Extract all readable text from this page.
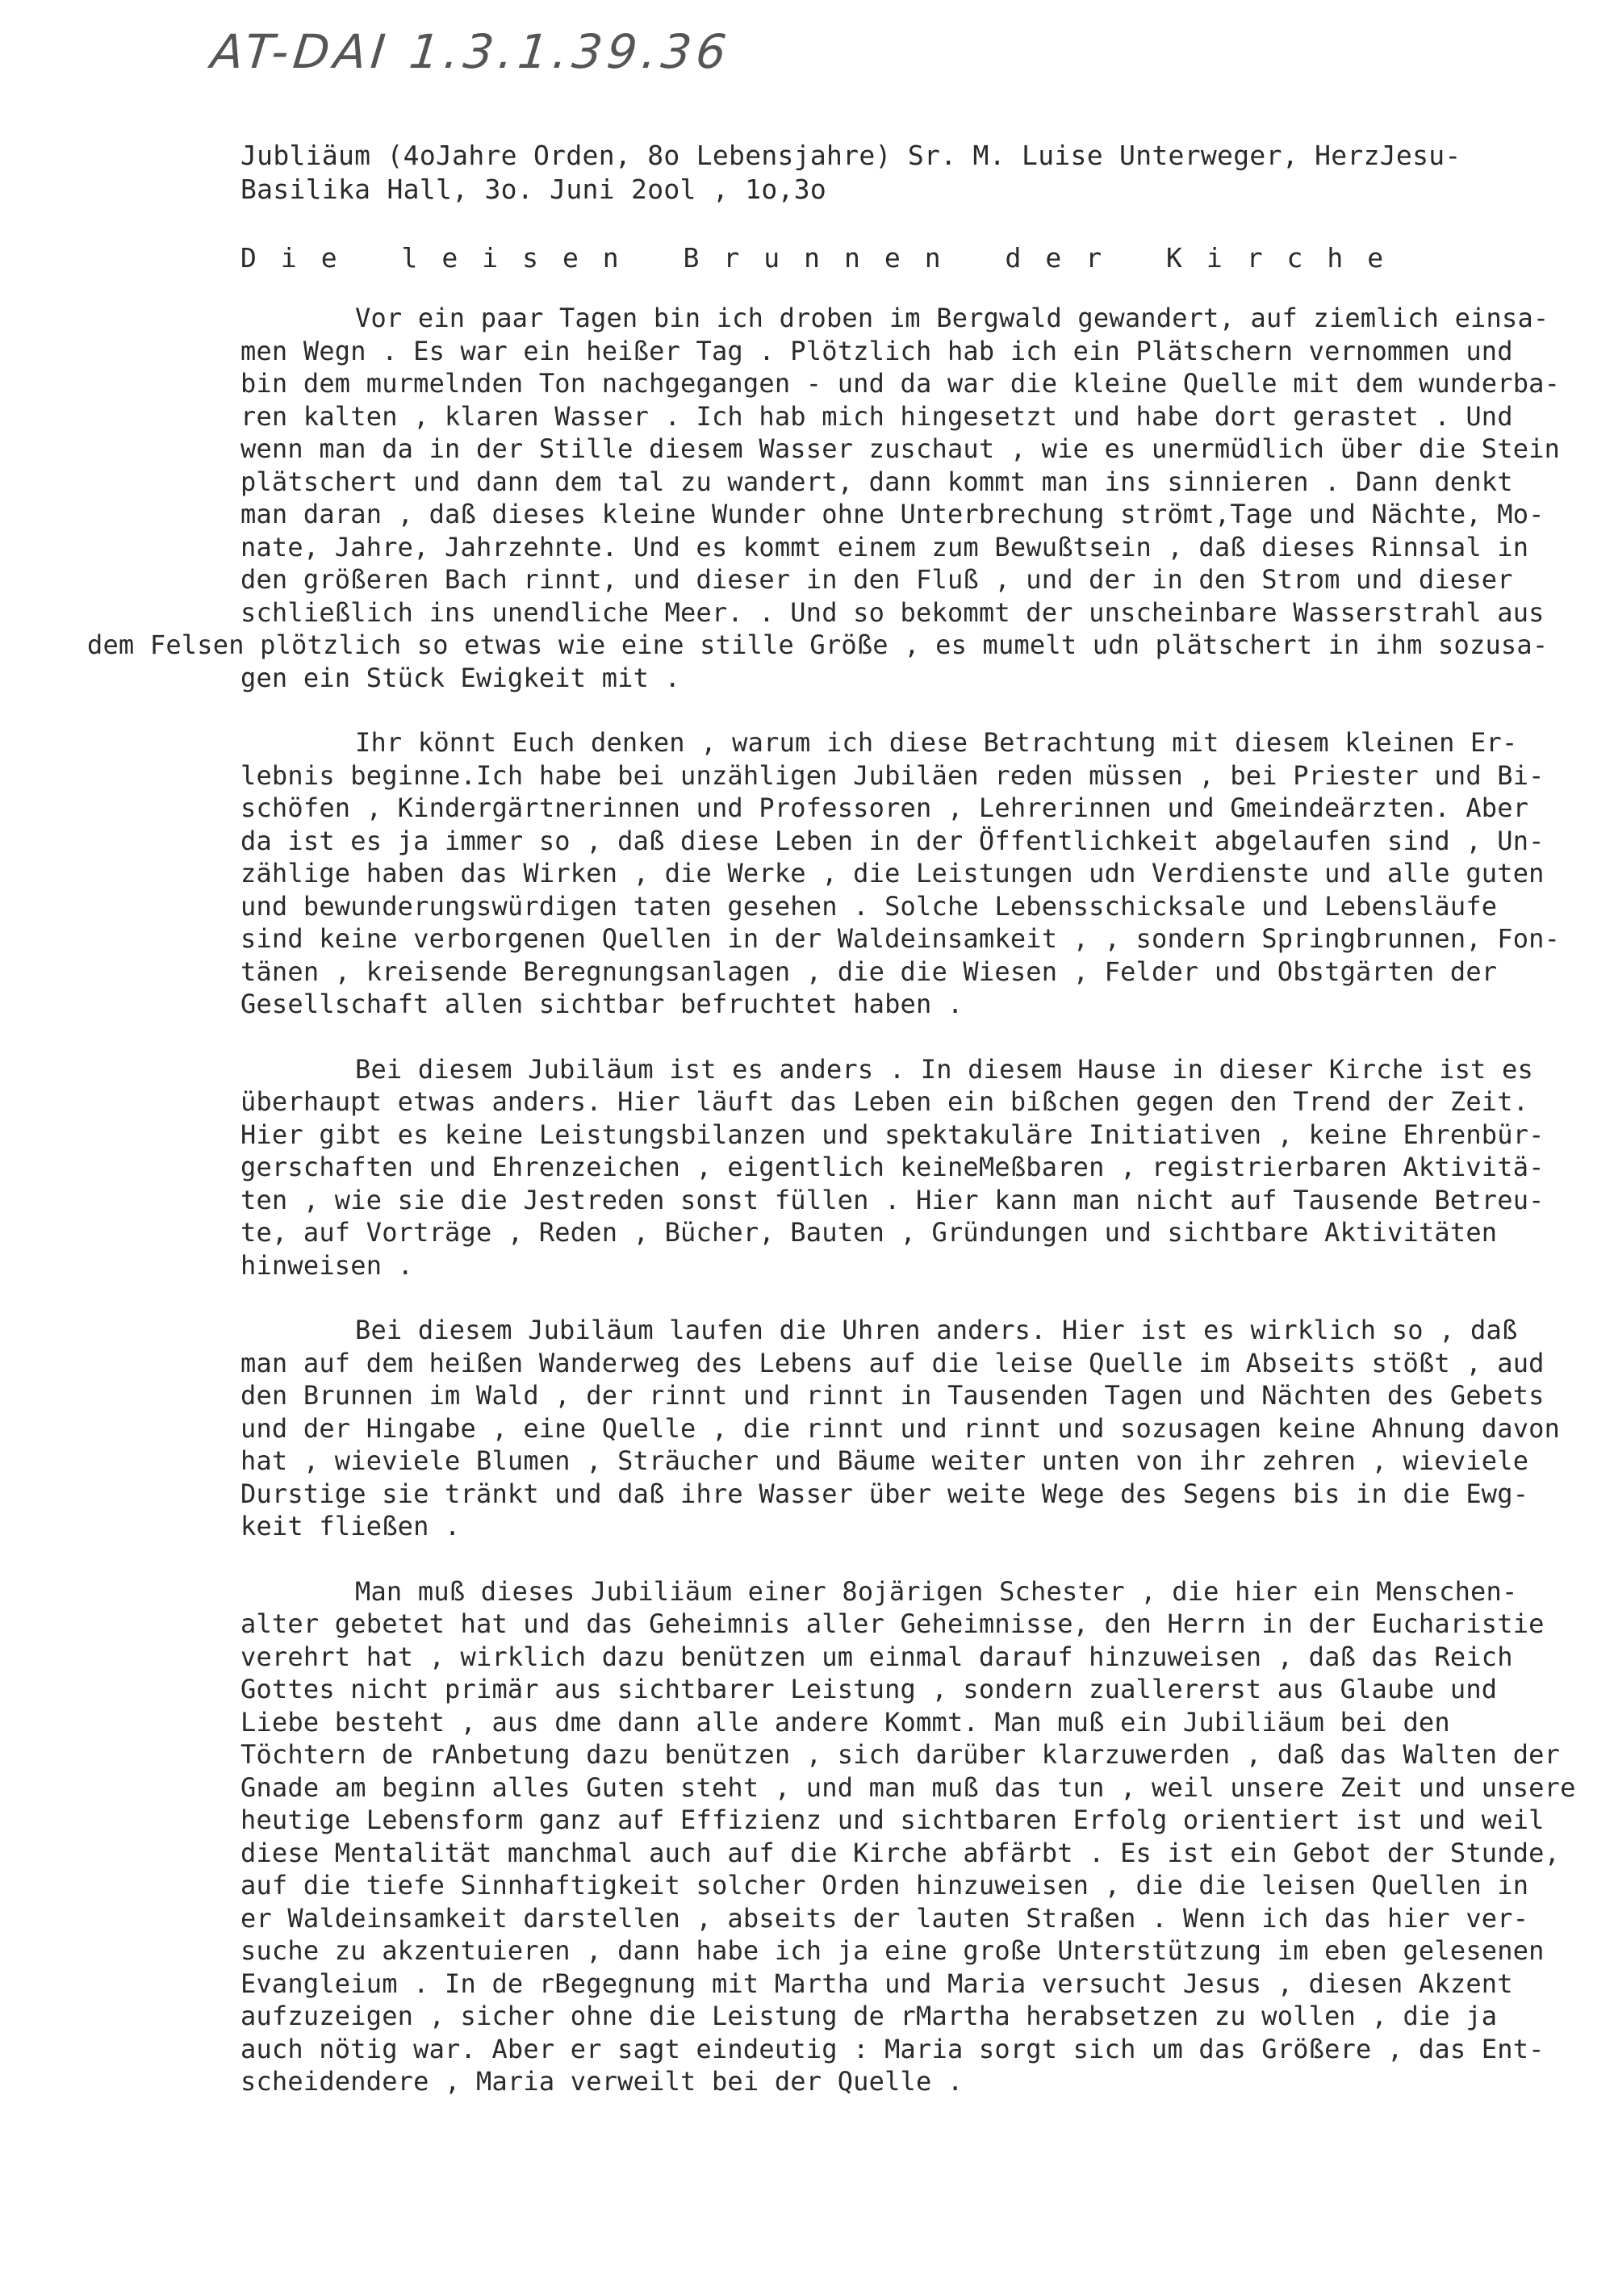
AT-DAI 1.3.1.39.36
Jubliäum (4oJahre Orden, 8o Lebensjahre) Sr. M. Luise Unterweger, HerzJesu-
Basilika Hall, 3o. Juni 2ool , 1o,3o
Die leisen Brunnen der Kirche

Vor ein paar Tagen bin ich droben im Bergwald gewandert, auf ziemlich einsa-
men Wegn . Es war ein heißer Tag . Plötzlich hab ich ein Plätschern vernommen und
bin dem murmelnden Ton nachgegangen - und da war die kleine Quelle mit dem wunderba-
ren kalten , klaren Wasser . Ich hab mich hingesetzt und habe dort gerastet . Und
wenn man da in der Stille diesem Wasser zuschaut , wie es unermüdlich über die Stein
plätschert und dann dem tal zu wandert, dann kommt man ins sinnieren . Dann denkt
man daran , daß dieses kleine Wunder ohne Unterbrechung strömt,Tage und Nächte, Mo-
nate, Jahre, Jahrzehnte. Und es kommt einem zum Bewußtsein , daß dieses Rinnsal in
den größeren Bach rinnt, und dieser in den Fluß , und der in den Strom und dieser
schließlich ins unendliche Meer. . Und so bekommt der unscheinbare Wasserstrahl aus
dem Felsen plötzlich so etwas wie eine stille Größe , es mumelt udn plätschert in ihm sozusa-
gen ein Stück Ewigkeit mit .

Ihr könnt Euch denken , warum ich diese Betrachtung mit diesem kleinen Er-
lebnis beginne.Ich habe bei unzähligen Jubiläen reden müssen , bei Priester und Bi-
schöfen , Kindergärtnerinnen und Professoren , Lehrerinnen und Gmeindeärzten. Aber
da ist es ja immer so , daß diese Leben in der Öffentlichkeit abgelaufen sind , Un-
zählige haben das Wirken , die Werke , die Leistungen udn Verdienste und alle guten
und bewunderungswürdigen taten gesehen . Solche Lebensschicksale und Lebensläufe
sind keine verborgenen Quellen in der Waldeinsamkeit , , sondern Springbrunnen, Fon-
tänen , kreisende Beregnungsanlagen , die die Wiesen , Felder und Obstgärten der
Gesellschaft allen sichtbar befruchtet haben .

Bei diesem Jubiläum ist es anders . In diesem Hause in dieser Kirche ist es
überhaupt etwas anders. Hier läuft das Leben ein bißchen gegen den Trend der Zeit.
Hier gibt es keine Leistungsbilanzen und spektakuläre Initiativen , keine Ehrenbür-
gerschaften und Ehrenzeichen , eigentlich keineMeßbaren , registrierbaren Aktivitä-
ten , wie sie die Jestreden sonst füllen . Hier kann man nicht auf Tausende Betreu-
te, auf Vorträge , Reden , Bücher, Bauten , Gründungen und sichtbare Aktivitäten
hinweisen .

Bei diesem Jubiläum laufen die Uhren anders. Hier ist es wirklich so , daß
man auf dem heißen Wanderweg des Lebens auf die leise Quelle im Abseits stößt , aud
den Brunnen im Wald , der rinnt und rinnt in Tausenden Tagen und Nächten des Gebets
und der Hingabe , eine Quelle , die rinnt und rinnt und sozusagen keine Ahnung davon
hat , wieviele Blumen , Sträucher und Bäume weiter unten von ihr zehren , wieviele
Durstige sie tränkt und daß ihre Wasser über weite Wege des Segens bis in die Ewg-
keit fließen .

Man muß dieses Jubiliäum einer 8ojärigen Schester , die hier ein Menschen-
alter gebetet hat und das Geheimnis aller Geheimnisse, den Herrn in der Eucharistie
verehrt hat , wirklich dazu benützen um einmal darauf hinzuweisen , daß das Reich
Gottes nicht primär aus sichtbarer Leistung , sondern zuallererst aus Glaube und
Liebe besteht , aus dme dann alle andere Kommt. Man muß ein Jubiliäum bei den
Töchtern de rAnbetung dazu benützen , sich darüber klarzuwerden , daß das Walten der
Gnade am beginn alles Guten steht , und man muß das tun , weil unsere Zeit und unsere
heutige Lebensform ganz auf Effizienz und sichtbaren Erfolg orientiert ist und weil
diese Mentalität manchmal auch auf die Kirche abfärbt . Es ist ein Gebot der Stunde,
auf die tiefe Sinnhaftigkeit solcher Orden hinzuweisen , die die leisen Quellen in
er Waldeinsamkeit darstellen , abseits der lauten Straßen . Wenn ich das hier ver-
suche zu akzentuieren , dann habe ich ja eine große Unterstützung im eben gelesenen
Evangleium . In de rBegegnung mit Martha und Maria versucht Jesus , diesen Akzent
aufzuzeigen , sicher ohne die Leistung de rMartha herabsetzen zu wollen , die ja
auch nötig war. Aber er sagt eindeutig : Maria sorgt sich um das Größere , das Ent-
scheidendere , Maria verweilt bei der Quelle .
